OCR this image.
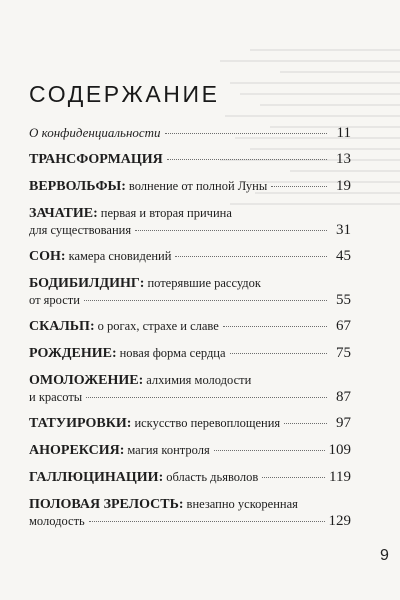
СОДЕРЖАНИЕ
О конфиденциальности	11
ТРАНСФОРМАЦИЯ	13
ВЕРВОЛЬФЫ: волнение от полной Луны	19
ЗАЧАТИЕ: первая и вторая причина
для существования	31
СОН: камера сновидений	45
БОДИБИЛДИНГ: потерявшие рассудок
от ярости	55
СКАЛЬП: о рогах, страхе и славе	67
РОЖДЕНИЕ: новая форма сердца	75
ОМОЛОЖЕНИЕ: алхимия молодости
и красоты	87
ТАТУИРОВКИ: искусство перевоплощения	97
АНОРЕКСИЯ: магия контроля	109
ГАЛЛЮЦИНАЦИИ: область дьяволов	119
ПОЛОВАЯ ЗРЕЛОСТЬ: внезапно ускоренная
молодость	129
9
